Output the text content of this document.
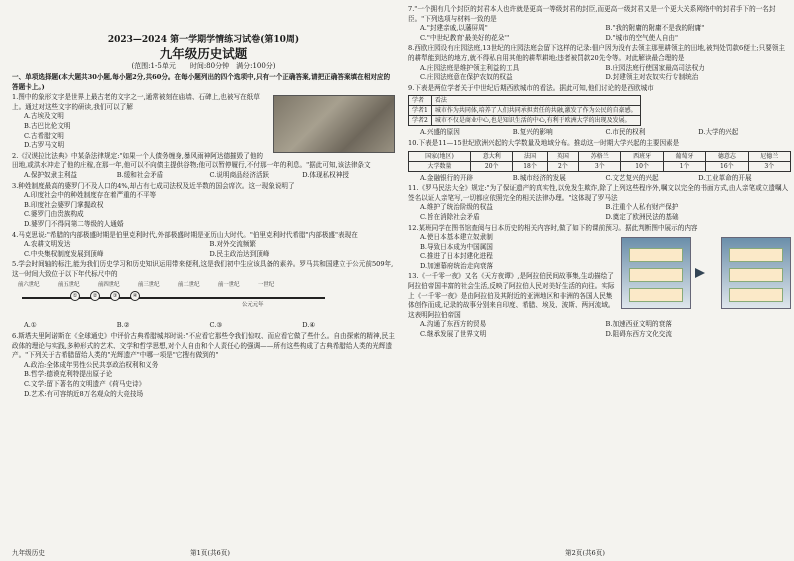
2023—2024 第一学期学情练习试卷(第10周)
九年级历史试题
(范围:1-5单元　　时间:80分钟　满分:100分)
一、单项选择题(本大题共30小题,每小题2分,共60分。在每小题列出的四个选项中,只有一个正确答案,请把正确答案填在相对应的答题卡上。)
1.图中的象形文字是世界上最古老的文字之一,通常被刻在庙墙、石碑上,也被写在纸草上。通过对这些文字的研读,我们可以了解
A.古埃及文明
B.古巴比伦文明
C.古希腊文明
D.古罗马文明
2.《汉谟拉比法典》中某条法律规定:"如果一个人债务缠身,暴风雨神阿达德摧毁了他的田地,或洪水冲走了他的庄稼,在那一年,他可以不向债主提供谷物;他可以暂停履行,不付那一年的利息。"据此可知,该法律条文
A.保护奴隶主利益	B.缓和社会矛盾	C.说明商品经济活跃	D.体现私权神授
3.种姓制度最高的婆罗门不及人口的4%,却占有七成司法权及近半数的国会席次。这一现象说明了
A.印度社会中的种姓制度存在着严重的不平等
B.印度社会婆罗门掌握政权
C.婆罗门由贵族构成
D.婆罗门不得同第二等级的人通婚
4.马克思说:"希腊的内部极盛时期是伯里克利时代,外部极盛时期是亚历山大时代。"伯里克利时代希腊"内部极盛"表现在
A.农耕文明发达	B.对外交流频繁
C.中央集权制度发展到顶峰	D.民主政治达到顶峰
5.学会时间轴的标注,能为我们历史学习和历史知识运用带来便利,这是我们初中生应该具备的素养。罗马共和国建立于公元前509年,这一时间大致位于以下年代标尺中的
前六世纪	前五世纪	前四世纪	前三世纪	前二世纪	前一世纪	一世纪
①	②	③	④
公元元年
A.①	B.②	C.③	D.④
6.斯塔夫里阿诺斯在《全球通史》中评价古典希腊城邦时说:"不应看它那些令我们惊叹、而应看它做了些什么。自由探索的精神,民主政体的理论与实践,多种形式的艺术、文学和哲学思想,对个人自由和个人责任心的强调——所有这些构成了古典希腊给人类的光辉遗产。"下列关于古希腊留给人类的"光辉遗产"中哪一项是"它搜有做到的"
A.政治:全体成年男性公民共享政治权利和义务
B.哲学:德谟克利特提出原子论
C.文学:留下著名的文明遗产《荷马史诗》
D.艺术:有可容纳近8万名观众的大竞技场
7."一个拥有几个封臣的封君本人也许就是更高一等级封君的封臣,而更高一级封君又是一个更大关系网络中的封君手下的一名封臣。"下列选项与材料一致的是
A."封建亲戚,以藩屏周"	B."我的附庸的附庸不是我的附庸"
C."中世纪教育'最美好的花朵'"	D."城市的空气使人自由"
8.西欧庄园设有庄园法庭,13世纪的庄园法庭会留下这样的记录:佃户因为没有去领主那里耕领主的田地,被判处罚款6便士;只要领主的耕犁能到达的地方,就不得私自用其他的耕犁耕地;违者被罚款20先令等。对此解读最合理的是
A.庄园法庭是维护领主利益的工具	B.庄园法庭行使国家最高司法权力
C.庄园法庭意在保护农奴的权益	D.封建领主对农奴实行专制统治
9.下表是两位学者关于中世纪后期西欧城市的看法。据此可知,他们讨论的是西欧城市
学者	看法
学者1	城市作为共同体,培养了人们共同承担责任的共融,激发了作为公民的自豪感。
学者2	城市不仅是商业中心,也是知识生活的中心,有利于欧洲大学的出现及发展。
A.兴盛的原因	B.复兴的影响	C.市民的权利	D.大学的兴起
10.下表是11—15世纪欧洲兴起的大学数量及地域分布。推动这一时期大学兴起的主要因素是
国家(地区)	意大利	法国	英国	苏格兰	西班牙	葡萄牙	德意志	尼德兰
大学数量	20个	18个	2个	3个	10个	1个	16个	3个
A.金融银行的开辟	B.城市经济的发展	C.文艺复兴的兴起	D.工业革命的开展
11.《罗马民法大全》规定:"为了保证遗产的真实性,以免发生欺诈,除了上列这些程序外,嘱文以完全的书面方式,由人亲笔或立遗嘱人签名以证人亲笔写,一切都应依照完全的相关法律办理。"这体现了罗马法
A.维护了统治阶级的权益	B.注重个人私有财产保护
C.旨在消除社会矛盾	D.奠定了欧洲民法的基础
12.某班同学在图书馆查阅与日本历史的相关内容时,做了如下的课前预习。据此判断图中展示的内容
A.使日本基本建立奴隶制
B.导致日本成为中国属国
C.推进了日本封建化进程
D.加速幕府统治走向衰落
13.《一千零一夜》又名《天方夜谭》,是阿拉伯民间故事集,生动描绘了阿拉伯帝国丰富的社会生活,反映了阿拉伯人民对美好生活的向往。实际上《一千零一夜》是由阿拉伯及其附近的亚洲地区和非洲的各国人民集体创作而成,记录的故事分别来自印度、希腊、埃及、波斯、两河流域。这表明阿拉伯帝国
A.沟通了东西方的贸易	B.加速西亚文明的衰落
C.继承发展了世界文明	D.阻碍东西方文化交流
九年级历史	第1页(共6页)	第2页(共6页)
